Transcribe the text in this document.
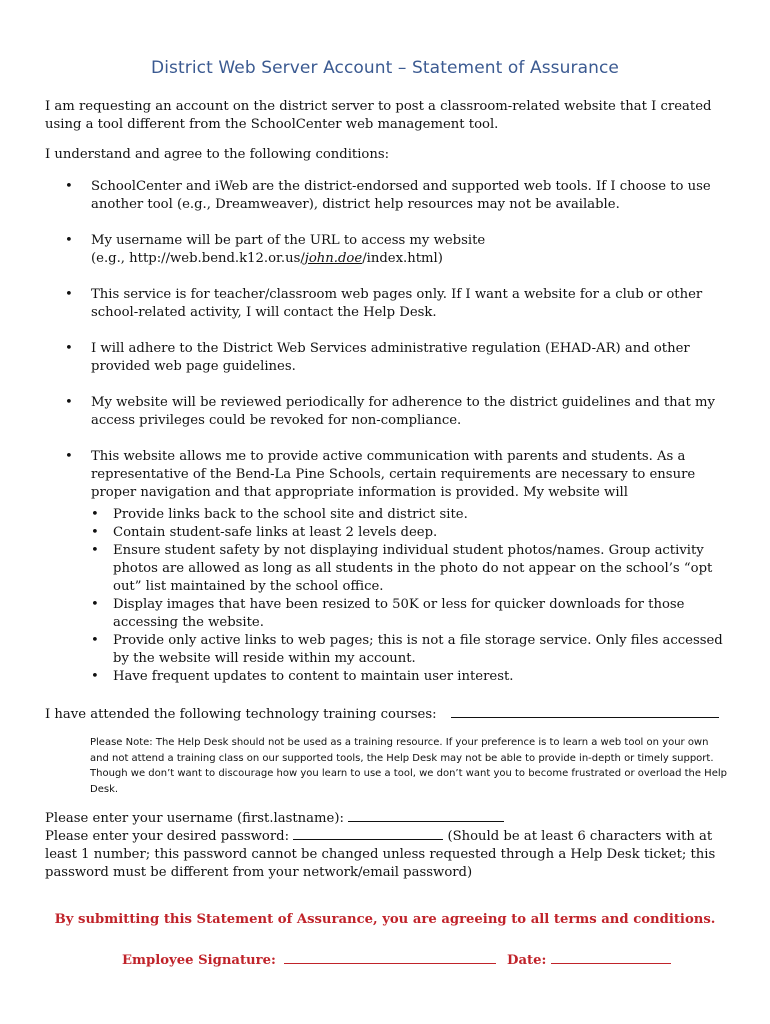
District Web Server Account – Statement of Assurance
I am requesting an account on the district server to post a classroom-related website that I created using a tool different from the SchoolCenter web management tool.
I understand and agree to the following conditions:
• SchoolCenter and iWeb are the district-endorsed and supported web tools. If I choose to use another tool (e.g., Dreamweaver), district help resources may not be available.
• My username will be part of the URL to access my website
(e.g., http://web.bend.k12.or.us/john.doe/index.html)
• This service is for teacher/classroom web pages only. If I want a website for a club or other school-related activity, I will contact the Help Desk.
• I will adhere to the District Web Services administrative regulation (EHAD-AR) and other provided web page guidelines.
• My website will be reviewed periodically for adherence to the district guidelines and that my access privileges could be revoked for non-compliance.
• This website allows me to provide active communication with parents and students. As a representative of the Bend-La Pine Schools, certain requirements are necessary to ensure proper navigation and that appropriate information is provided. My website will
• Provide links back to the school site and district site.
• Contain student-safe links at least 2 levels deep.
• Ensure student safety by not displaying individual student photos/names. Group activity photos are allowed as long as all students in the photo do not appear on the school’s “opt out” list maintained by the school office.
• Display images that have been resized to 50K or less for quicker downloads for those accessing the website.
• Provide only active links to web pages; this is not a file storage service. Only files accessed by the website will reside within my account.
• Have frequent updates to content to maintain user interest.
I have attended the following technology training courses:
Please Note: The Help Desk should not be used as a training resource. If your preference is to learn a web tool on your own and not attend a training class on our supported tools, the Help Desk may not be able to provide in-depth or timely support. Though we don’t want to discourage how you learn to use a tool, we don’t want you to become frustrated or overload the Help Desk.
Please enter your username (first.lastname):
Please enter your desired password:	(Should be at least 6 characters with at least 1 number; this password cannot be changed unless requested through a Help Desk ticket; this password must be different from your network/email password)
By submitting this Statement of Assurance, you are agreeing to all terms and conditions.
Employee Signature:	Date:
